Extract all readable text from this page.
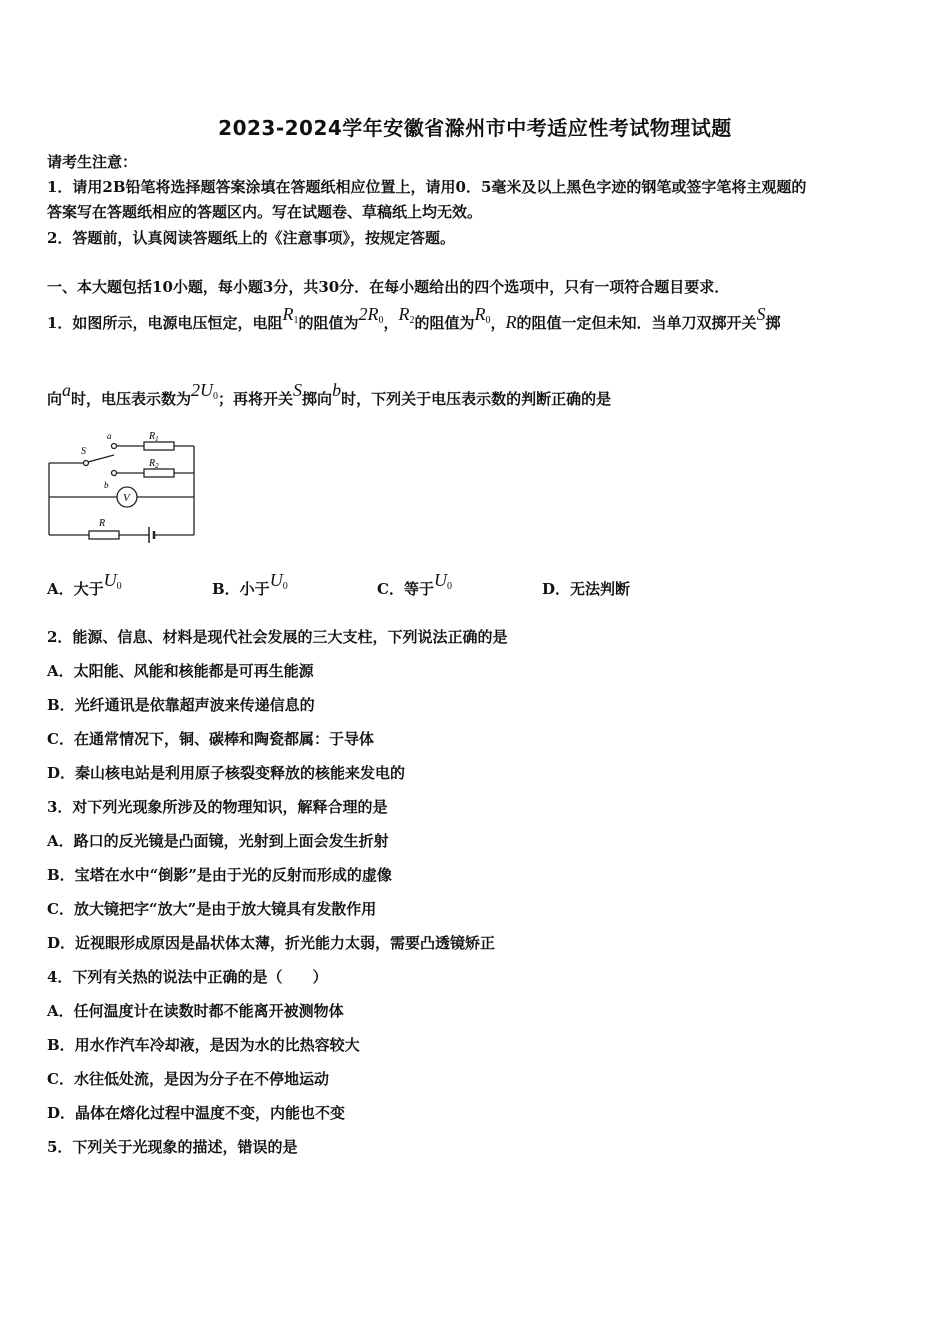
2023-2024学年安徽省滁州市中考适应性考试物理试题
请考生注意：
1．请用2B铅笔将选择题答案涂填在答题纸相应位置上，请用0．5毫米及以上黑色字迹的钢笔或签字笔将主观题的
答案写在答题纸相应的答题区内。写在试题卷、草稿纸上均无效。
2．答题前，认真阅读答题纸上的《注意事项》，按规定答题。
一、本大题包括10小题，每小题3分，共30分．在每小题给出的四个选项中，只有一项符合题目要求．
1．如图所示，电源电压恒定，电阻$R_1$的阻值为$2R_0$，$R_2$的阻值为$R_0$，R的阻值一定但未知．当单刀双掷开关S掷
向a时，电压表示数为$2U_0$；再将开关S掷向b时，下列关于电压表示数的判断正确的是
S
a
b
$R_1$
$R_2$
V
R
A．大于$U_0$	B．小于$U_0$	C．等于$U_0$	D．无法判断
2．能源、信息、材料是现代社会发展的三大支柱，下列说法正确的是
A．太阳能、风能和核能都是可再生能源
B．光纤通讯是依靠超声波来传递信息的
C．在通常情况下，铜、碳棒和陶瓷都属：于导体
D．秦山核电站是利用原子核裂变释放的核能来发电的
3．对下列光现象所涉及的物理知识，解释合理的是
A．路口的反光镜是凸面镜，光射到上面会发生折射
B．宝塔在水中“倒影”是由于光的反射而形成的虚像
C．放大镜把字“放大”是由于放大镜具有发散作用
D．近视眼形成原因是晶状体太薄，折光能力太弱，需要凸透镜矫正
4．下列有关热的说法中正确的是（　　）
A．任何温度计在读数时都不能离开被测物体
B．用水作汽车冷却液，是因为水的比热容较大
C．水往低处流，是因为分子在不停地运动
D．晶体在熔化过程中温度不变，内能也不变
5．下列关于光现象的描述，错误的是
